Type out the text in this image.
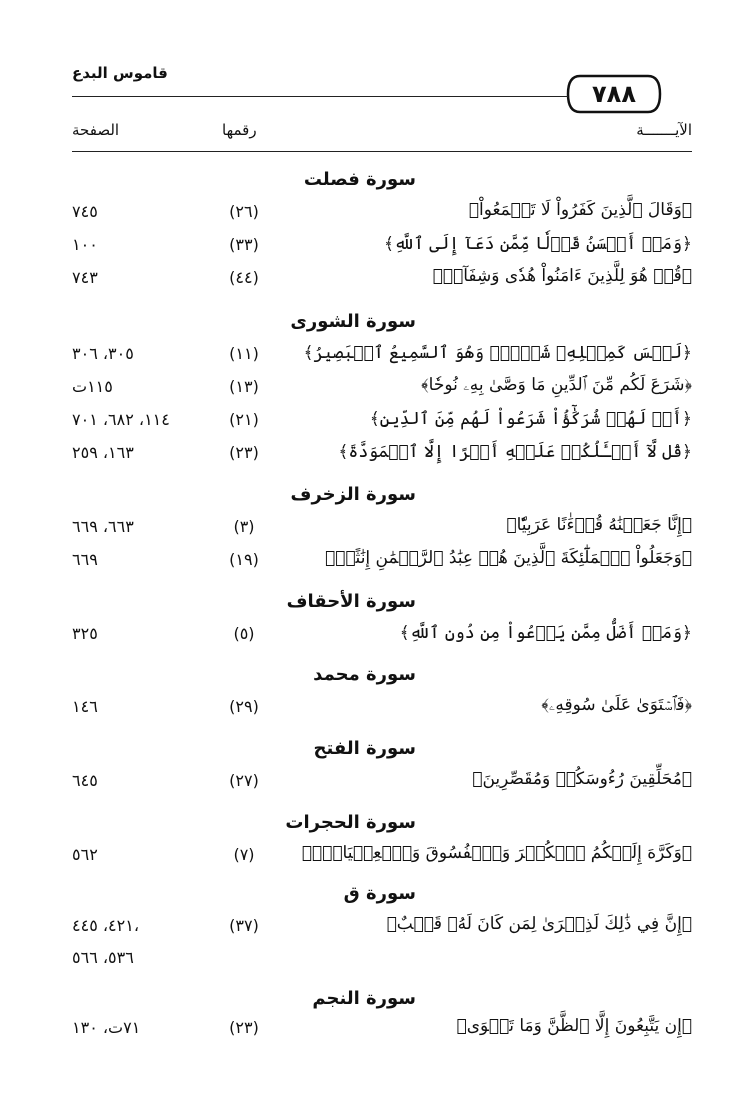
قاموس البدع
٧٨٨
الآيـــــــة
رقمها
الصفحة
سورة فصلت
﴿وَقَالَ ٱلَّذِينَ كَفَرُواْ لَا تَسۡمَعُواْ﴾
(٢٦)
٧٤٥
﴿وَمَنۡ أَحۡسَنُ قَوۡلٗا مِّمَّن دَعَآ إِلَى ٱللَّهِ﴾
(٣٣)
١٠٠
﴿قُلۡ هُوَ لِلَّذِينَ ءَامَنُواْ هُدٗى وَشِفَآءٞ﴾
(٤٤)
٧٤٣
سورة الشورى
﴿لَيۡسَ كَمِثۡلِهِۦ شَيۡءٞۖ وَهُوَ ٱلسَّمِيعُ ٱلۡبَصِيرُ﴾
(١١)
٣٠٥، ٣٠٦
﴿شَرَعَ لَكُم مِّنَ ٱلدِّينِ مَا وَصَّىٰ بِهِۦ نُوحٗا﴾
(١٣)
١١٥ت
﴿أَمۡ لَهُمۡ شُرَكَٰٓؤُاْ شَرَعُواْ لَهُم مِّنَ ٱلدِّينِ﴾
(٢١)
١١٤، ٦٨٢، ٧٠١
﴿قُل لَّآ أَسۡـَٔلُكُمۡ عَلَيۡهِ أَجۡرًا إِلَّا ٱلۡمَوَدَّةَ﴾
(٢٣)
١٦٣، ٢٥٩
سورة الزخرف
﴿إِنَّا جَعَلۡنَٰهُ قُرۡءَٰنًا عَرَبِيّٗا﴾
(٣)
٦٦٣، ٦٦٩
﴿وَجَعَلُواْ ٱلۡمَلَٰٓئِكَةَ ٱلَّذِينَ هُمۡ عِبَٰدُ ٱلرَّحۡمَٰنِ إِنَٰثًاۚ﴾
(١٩)
٦٦٩
سورة الأحقاف
﴿وَمَنۡ أَضَلُّ مِمَّن يَدۡعُواْ مِن دُونِ ٱللَّهِ﴾
(٥)
٣٢٥
سورة محمد
﴿فَٱسۡتَوَىٰ عَلَىٰ سُوقِهِۦ﴾
(٢٩)
١٤٦
سورة الفتح
﴿مُحَلِّقِينَ رُءُوسَكُمۡ وَمُقَصِّرِينَ﴾
(٢٧)
٦٤٥
سورة الحجرات
﴿وَكَرَّهَ إِلَيۡكُمُ ٱلۡكُفۡرَ وَٱلۡفُسُوقَ وَٱلۡعِصۡيَانَۚ﴾
(٧)
٥٦٢
سورة ق
﴿إِنَّ فِي ذَٰلِكَ لَذِكۡرَىٰ لِمَن كَانَ لَهُۥ قَلۡبٌ﴾
(٣٧)
٤٢١، ٤٤٥،
٥٣٦، ٥٦٦
سورة النجم
﴿إِن يَتَّبِعُونَ إِلَّا ٱلظَّنَّ وَمَا تَهۡوَى﴾
(٢٣)
٧١ت، ١٣٠
